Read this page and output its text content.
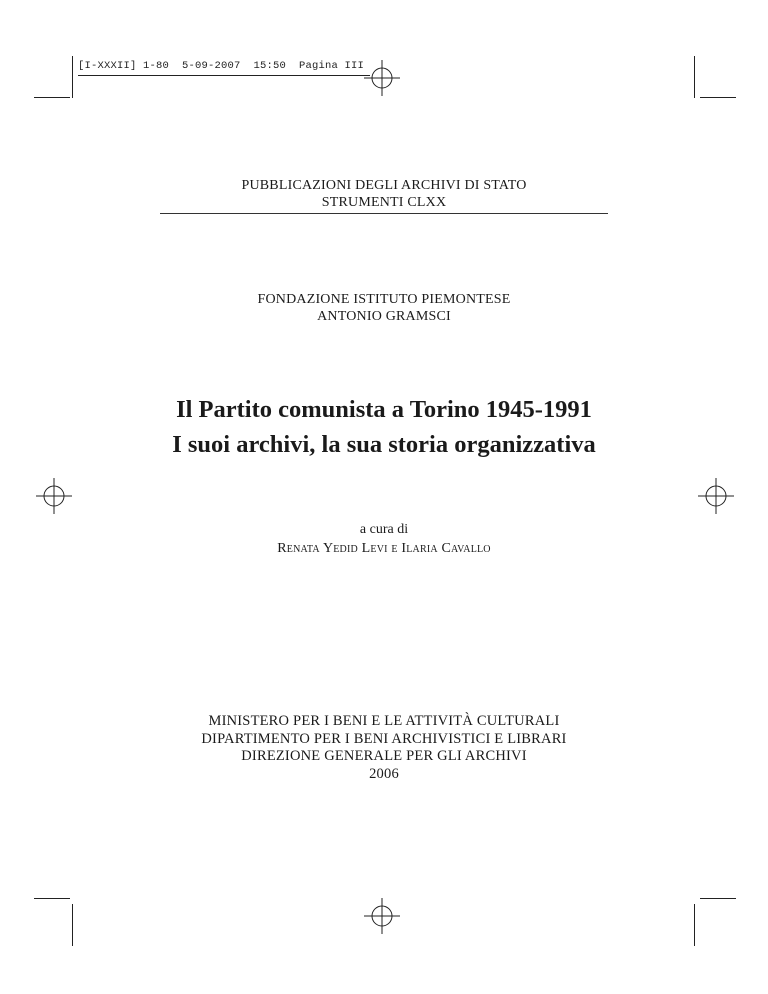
[I-XXXII] 1-80  5-09-2007  15:50  Pagina III
PUBBLICAZIONI DEGLI ARCHIVI DI STATO
STRUMENTI CLXX
FONDAZIONE ISTITUTO PIEMONTESE
ANTONIO GRAMSCI
Il Partito comunista a Torino 1945-1991
I suoi archivi, la sua storia organizzativa
a cura di
Renata Yedid Levi e Ilaria Cavallo
MINISTERO PER I BENI E LE ATTIVITÀ CULTURALI
DIPARTIMENTO PER I BENI ARCHIVISTICI E LIBRARI
DIREZIONE GENERALE PER GLI ARCHIVI
2006
